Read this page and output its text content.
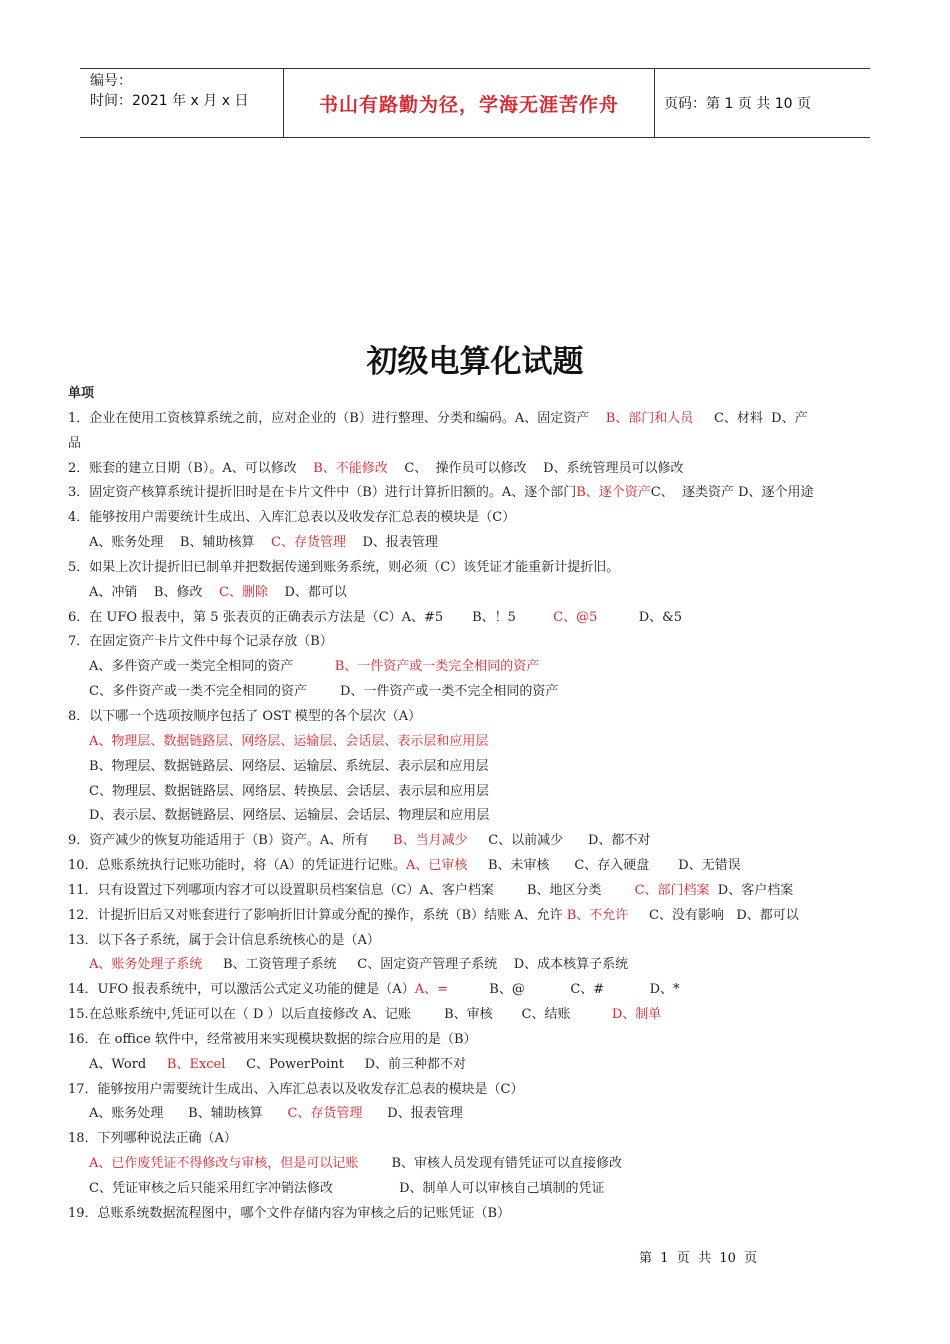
编号：
时间：2021 年 x 月 x 日	书山有路勤为径，学海无涯苦作舟	页码：第 1 页 共 10 页
初级电算化试题
单项
1．企业在使用工资核算系统之前，应对企业的（B）进行整理、分类和编码。A、固定资产    B、部门和人员     C、材料  D、产
品
2．账套的建立日期（B）。A、可以修改    B、不能修改    C、  操作员可以修改    D、系统管理员可以修改
3．固定资产核算系统计提折旧时是在卡片文件中（B）进行计算折旧额的。A、逐个部门B、逐个资产C、  逐类资产 D、逐个用途
4．能够按用户需要统计生成出、入库汇总表以及收发存汇总表的模块是（C）
A、账务处理    B、辅助核算    C、存货管理    D、报表管理
5．如果上次计提折旧已制单并把数据传递到账务系统，则必须（C）该凭证才能重新计提折旧。
A、冲销    B、修改    C、删除    D、都可以
6．在 UFO 报表中，第 5 张表页的正确表示方法是（C）A、#5       B、！5         C、@5          D、&5
7．在固定资产卡片文件中每个记录存放（B）
A、多件资产或一类完全相同的资产          B、一件资产或一类完全相同的资产
C、多件资产或一类不完全相同的资产        D、一件资产或一类不完全相同的资产
8．以下哪一个选项按顺序包括了 OST 模型的各个层次（A）
A、物理层、数据链路层、网络层、运输层、会话层、表示层和应用层
B、物理层、数据链路层、网络层、运输层、系统层、表示层和应用层
C、物理层、数据链路层、网络层、转换层、会话层、表示层和应用层
D、表示层、数据链路层、网络层、运输层、会话层、物理层和应用层
9．资产减少的恢复功能适用于（B）资产。A、所有      B、当月减少     C、以前减少      D、都不对
10．总账系统执行记账功能时，将（A）的凭证进行记账。A、已审核     B、未审核      C、存入硬盘       D、无错误
11．只有设置过下列哪项内容才可以设置职员档案信息（C）A、客户档案        B、地区分类        C、部门档案  D、客户档案
12．计提折旧后又对账套进行了影响折旧计算或分配的操作，系统（B）结账 A、允许 B、不允许     C、没有影响   D、都可以
13．以下各子系统，属于会计信息系统核心的是（A）
A、账务处理子系统     B、工资管理子系统     C、固定资产管理子系统    D、成本核算子系统
14．UFO 报表系统中，可以激活公式定义功能的健是（A）A、=          B、@           C、#           D、*
15.在总账系统中,凭证可以在（ D ）以后直接修改 A、记账        B、审核       C、结账          D、制单
16．在 office 软件中，经常被用来实现模块数据的综合应用的是（B）
A、Word     B、Excel     C、PowerPoint     D、前三种都不对
17．能够按用户需要统计生成出、入库汇总表以及收发存汇总表的模块是（C）
A、账务处理      B、辅助核算      C、存货管理      D、报表管理
18．下列哪种说法正确（A）
A、已作废凭证不得修改与审核，但是可以记账        B、审核人员发现有错凭证可以直接修改
C、凭证审核之后只能采用红字冲销法修改                D、制单人可以审核自己填制的凭证
19．总账系统数据流程图中，哪个文件存储内容为审核之后的记账凭证（B）
第  1  页  共  10  页
